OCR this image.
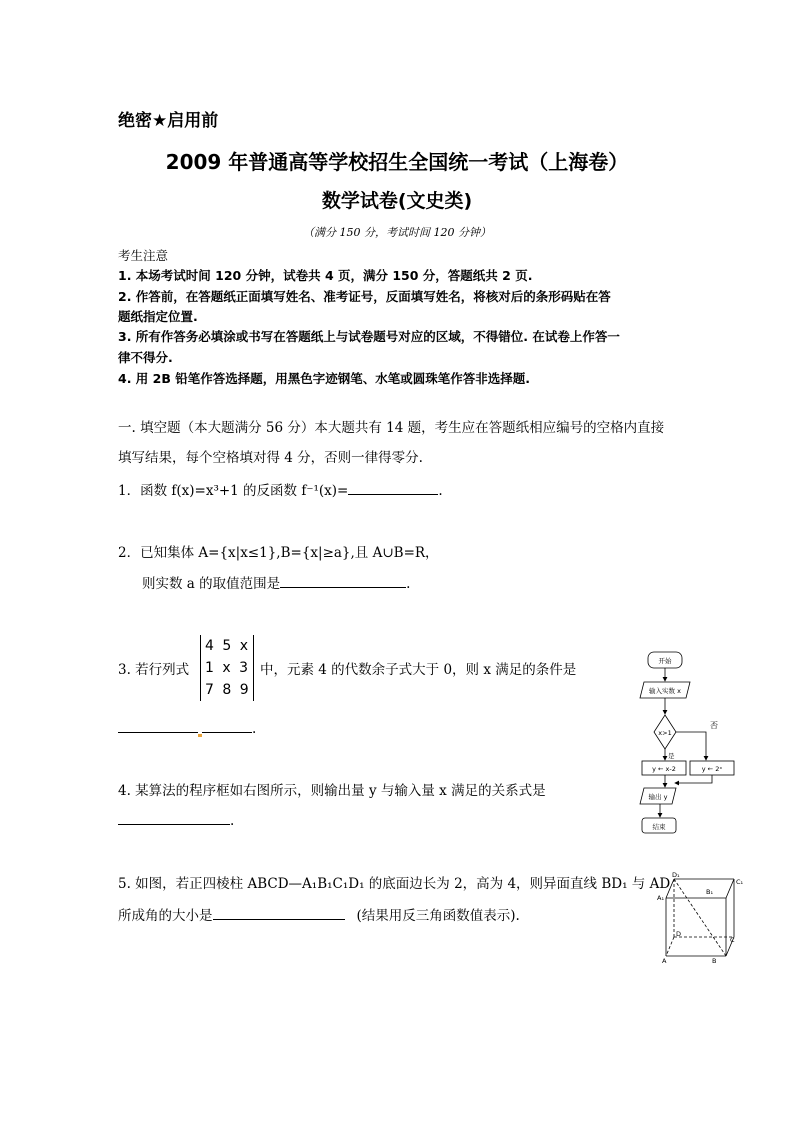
绝密★启用前
2009 年普通高等学校招生全国统一考试（上海卷）
数学试卷(文史类)
（满分 150 分，考试时间 120 分钟）
考生注意
1. 本场考试时间 120 分钟，试卷共 4 页，满分 150 分，答题纸共 2 页.
2. 作答前，在答题纸正面填写姓名、准考证号，反面填写姓名，将核对后的条形码贴在答
题纸指定位置.
3. 所有作答务必填涂或书写在答题纸上与试卷题号对应的区域，不得错位. 在试卷上作答一
律不得分.
4. 用 2B 铅笔作答选择题，用黑色字迹钢笔、水笔或圆珠笔作答非选择题.
一. 填空题（本大题满分 56 分）本大题共有 14 题，考生应在答题纸相应编号的空格内直接
填写结果，每个空格填对得 4 分，否则一律得零分.
1．函数 f(x)=x³+1 的反函数 f⁻¹(x)=	.
2．已知集体 A={x|x≤1},B={x|≥a},且 A∪B=R，
则实数 a 的取值范围是	.
3. 若行列式
4 5 x
1 x 3
7 8 9
中，元素 4 的代数余子式大于 0，则 x 满足的条件是
.
4. 某算法的程序框如右图所示，则输出量 y 与输入量 x 满足的关系式是
.
5. 如图，若正四棱柱 ABCD—A₁B₁C₁D₁ 的底面边长为 2，高为 4，则异面直线 BD₁ 与 AD
所成角的大小是	(结果用反三角函数值表示).
开始
输入实数 x
x>1
是
否
y ← x-2	y ← 2ˣ
输出 y
结束
D₁
C₁
A₁
B₁
D
C
A	B
